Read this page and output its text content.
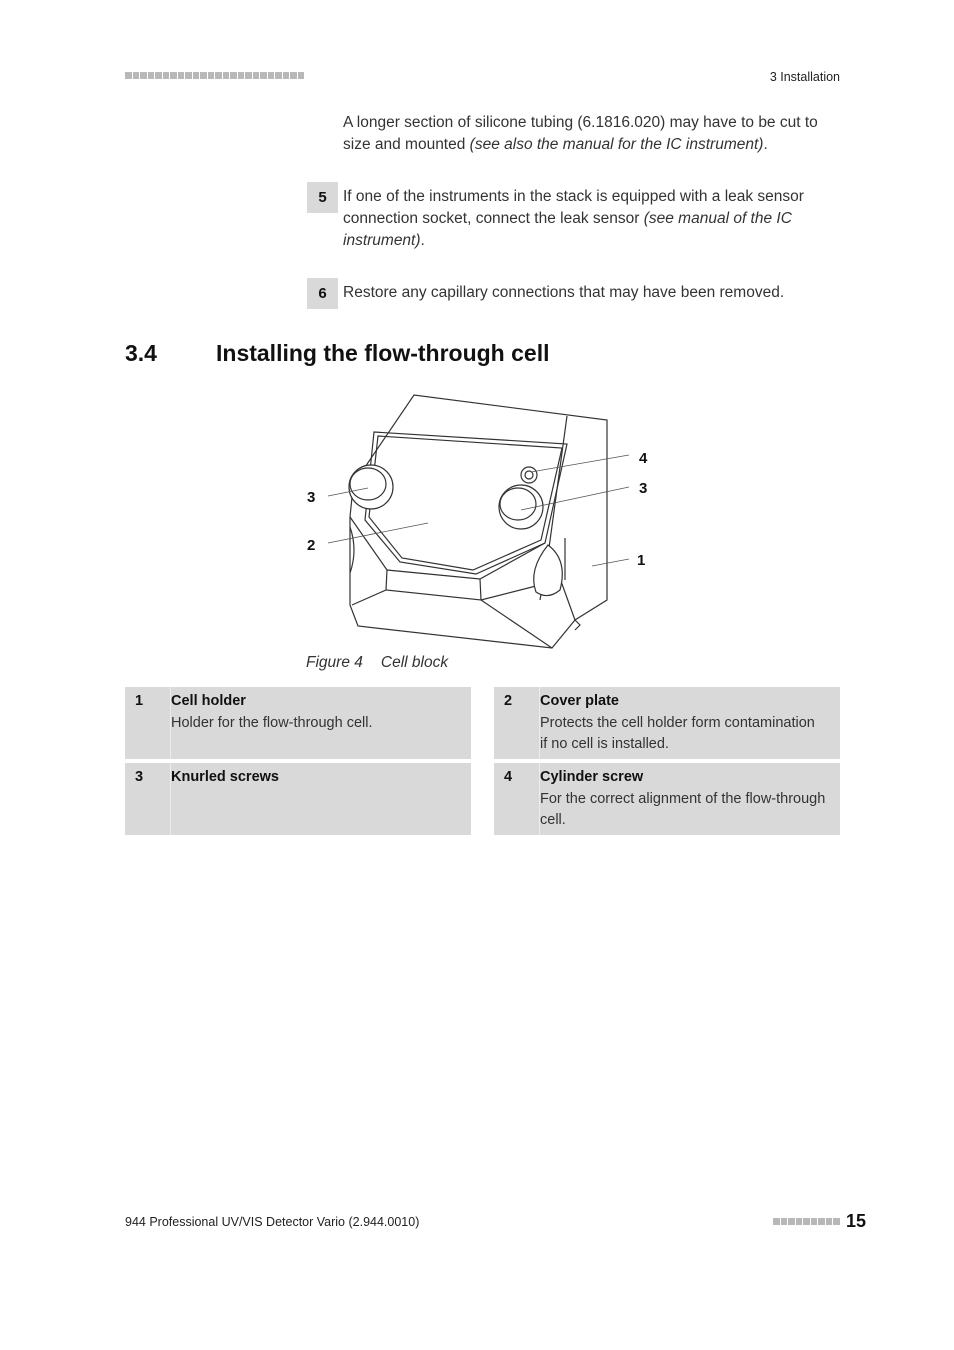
3 Installation
A longer section of silicone tubing (6.1816.020) may have to be cut to size and mounted (see also the manual for the IC instrument).
5	If one of the instruments in the stack is equipped with a leak sensor connection socket, connect the leak sensor (see manual of the IC instrument).
6	Restore any capillary connections that may have been removed.
3.4	Installing the flow-through cell
4
3
3
2
1
Figure 4 Cell block
1 Cell holder
Holder for the flow-through cell.
2 Cover plate
Protects the cell holder form contamination if no cell is installed.
3 Knurled screws	4 Cylinder screw
For the correct alignment of the flow-through cell.
944 Professional UV/VIS Detector Vario (2.944.0010)	15
